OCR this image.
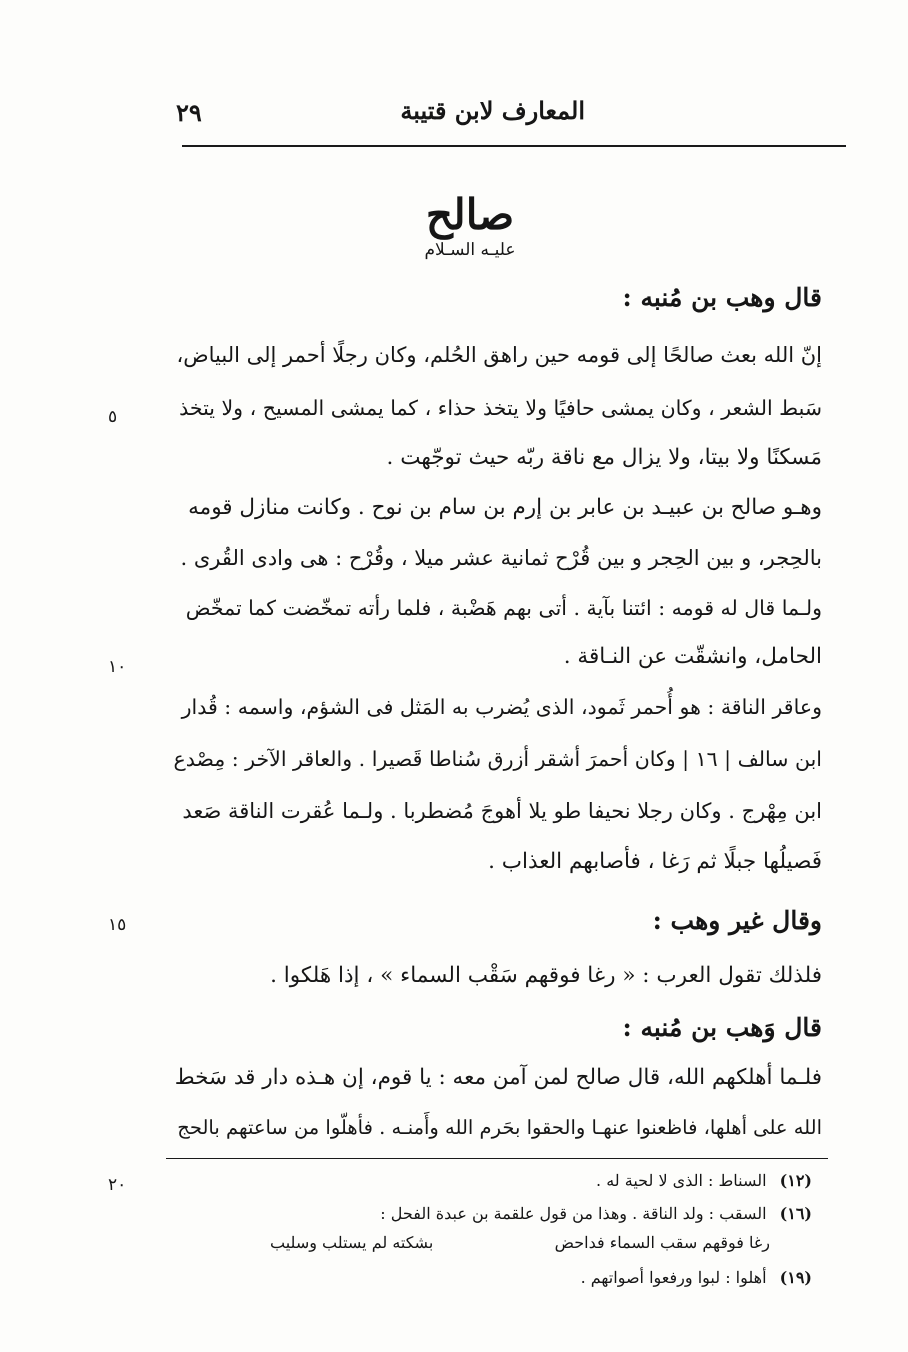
٢٩	المعارف لابن قتيبة
صالح
عليـه السـلام
قال وهب بن مُنبه :
إنّ الله بعث صالحًا إلى قومه حين راهق الحُلم، وكان رجلًا أحمر إلى البياض،
سَبط الشعر ، وكان يمشى حافيًا ولا يتخذ حذاء ، كما يمشى المسيح ، ولا يتخذ
مَسكنًا ولا بيتا، ولا يزال مع ناقة ربّه حيث توجّهت .
وهـو صالح بن عبيـد بن عابر بن إرم بن سام بن نوح . وكانت منازل قومه
بالحِجر، و بين الحِجر و بين قُرْح ثمانية عشر ميلا ، وقُرْح : هى وادى القُرى .
ولـما قال له قومه : ائتنا بآية . أتى بهم هَضْبة ، فلما رأته تمخّضت كما تمخّض
الحامل، وانشقّت عن النـاقة .
وعاقر الناقة : هو أُحمر ثَمود، الذى يُضرب به المَثل فى الشؤم، واسمه : قُدار
ابن سالف | ١٦ | وكان أحمرَ أشقر أزرق سُناطا قَصيرا . والعاقر الآخر : مِصْدع
ابن مِهْرج . وكان رجلا نحيفا طو يلا أهوجَ مُضطربا . ولـما عُقرت الناقة صَعد
فَصيلُها جبلًا ثم رَغا ، فأصابهم العذاب .
وقال غير وهب :
فلذلك تقول العرب : « رغا فوقهم سَقْب السماء » ، إذا هَلكوا .
قال وَهب بن مُنبه :
فلـما أهلكهم الله، قال صالح لمن آمن معه : يا قوم، إن هـذه دار قد سَخط
الله على أهلها، فاظعنوا عنهـا والحقوا بحَرم الله وأَمنـه . فأهلّوا من ساعتهم بالحج
٥
١٠
١٥
٢٠	(١٢) السناط : الذى لا لحية له .
(١٦) السقب : ولد الناقة . وهذا من قول علقمة بن عبدة الفحل :
بشكته لم يستلب وسليب	رغا فوقهم سقب السماء فداحض
(١٩) أهلوا : لبوا ورفعوا أصواتهم .
